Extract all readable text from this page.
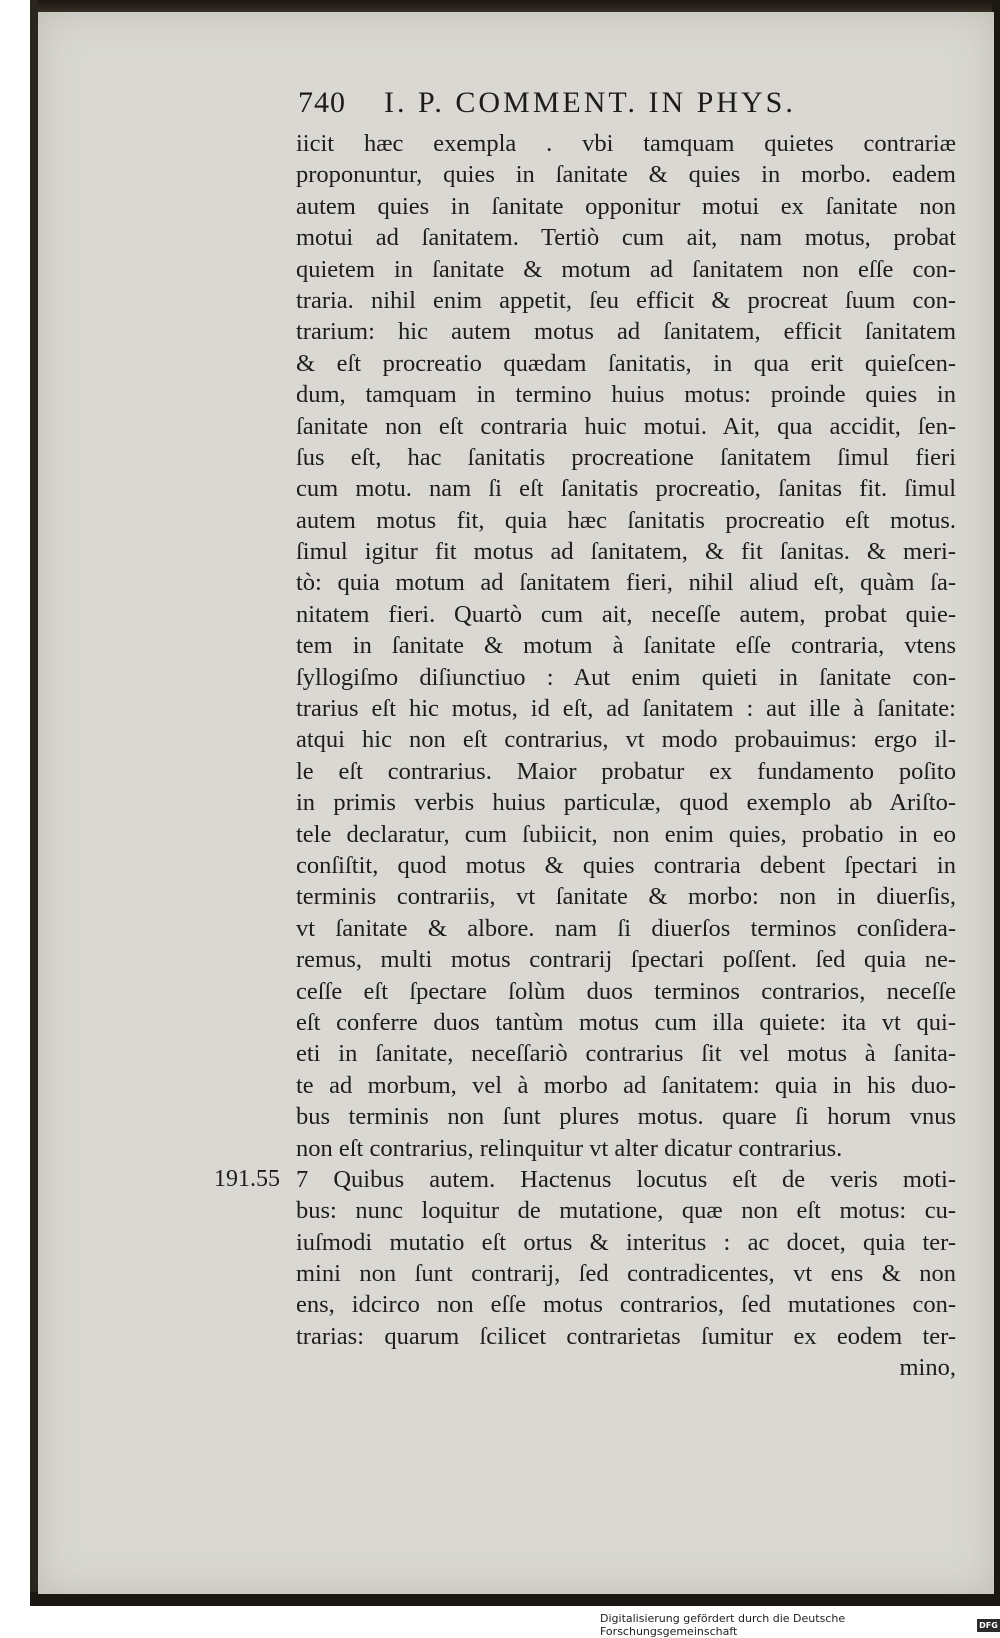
740 I. P. COMMENT. IN PHYS.
191.55
iicit hæc exempla . vbi tamquam quietes contrariæ
proponuntur, quies in ſanitate & quies in morbo. eadem
autem quies in ſanitate opponitur motui ex ſanitate non
motui ad ſanitatem. Tertiò cum ait, nam motus, probat
quietem in ſanitate & motum ad ſanitatem non eſſe con-
traria. nihil enim appetit, ſeu efficit & procreat ſuum con-
trarium: hic autem motus ad ſanitatem, efficit ſanitatem
& eſt procreatio quædam ſanitatis, in qua erit quieſcen-
dum, tamquam in termino huius motus: proinde quies in
ſanitate non eſt contraria huic motui. Ait, qua accidit, ſen-
ſus eſt, hac ſanitatis procreatione ſanitatem ſimul fieri
cum motu. nam ſi eſt ſanitatis procreatio, ſanitas fit. ſimul
autem motus fit, quia hæc ſanitatis procreatio eſt motus.
ſimul igitur fit motus ad ſanitatem, & fit ſanitas. & meri-
tò: quia motum ad ſanitatem fieri, nihil aliud eſt, quàm ſa-
nitatem fieri. Quartò cum ait, neceſſe autem, probat quie-
tem in ſanitate & motum à ſanitate eſſe contraria, vtens
ſyllogiſmo diſiunctiuo : Aut enim quieti in ſanitate con-
trarius eſt hic motus, id eſt, ad ſanitatem : aut ille à ſanitate:
atqui hic non eſt contrarius, vt modo probauimus: ergo il-
le eſt contrarius. Maior probatur ex fundamento poſito
in primis verbis huius particulæ, quod exemplo ab Ariſto-
tele declaratur, cum ſubiicit, non enim quies, probatio in eo
conſiſtit, quod motus & quies contraria debent ſpectari in
terminis contrariis, vt ſanitate & morbo: non in diuerſis,
vt ſanitate & albore. nam ſi diuerſos terminos conſidera-
remus, multi motus contrarij ſpectari poſſent. ſed quia ne-
ceſſe eſt ſpectare ſolùm duos terminos contrarios, neceſſe
eſt conferre duos tantùm motus cum illa quiete: ita vt qui-
eti in ſanitate, neceſſariò contrarius ſit vel motus à ſanita-
te ad morbum, vel à morbo ad ſanitatem: quia in his duo-
bus terminis non ſunt plures motus. quare ſi horum vnus
non eſt contrarius, relinquitur vt alter dicatur contrarius.
7 Quibus autem. Hactenus locutus eſt de veris moti-
bus: nunc loquitur de mutatione, quæ non eſt motus: cu-
iuſmodi mutatio eſt ortus & interitus : ac docet, quia ter-
mini non ſunt contrarij, ſed contradicentes, vt ens & non
ens, idcirco non eſſe motus contrarios, ſed mutationes con-
trarias: quarum ſcilicet contrarietas ſumitur ex eodem ter-
mino,
Digitalisierung gefördert durch die Deutsche Forschungsgemeinschaft	DFG
